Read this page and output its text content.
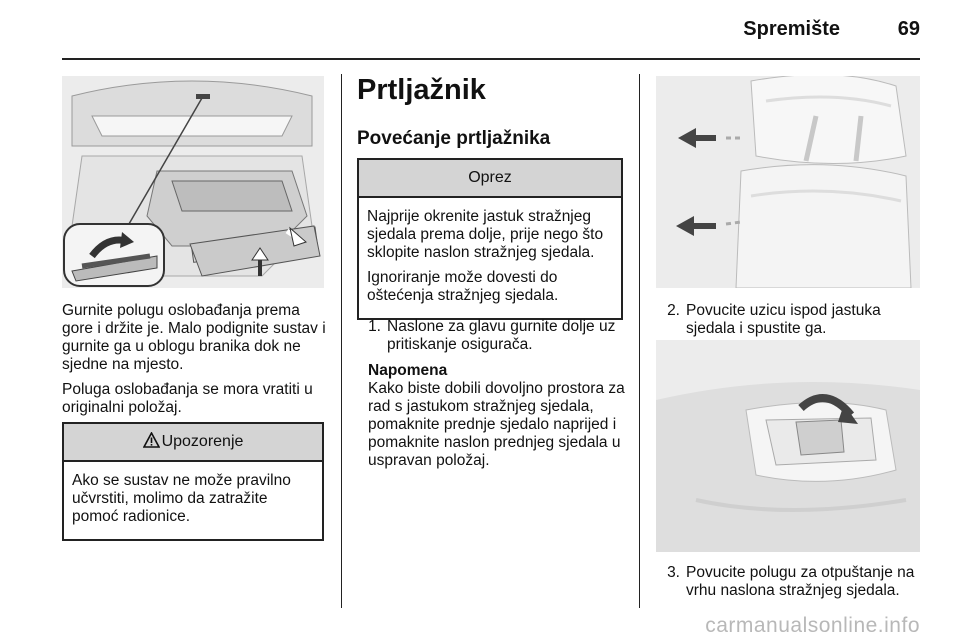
Spremište	69

Gurnite polugu oslobađanja prema gore i držite je. Malo podignite sustav i gurnite ga u oblogu branika dok ne sjedne na mjesto.

Poluga oslobađanja se mora vratiti u originalni položaj.

Upozorenje

Ako se sustav ne može pravilno učvrstiti, molimo da zatražite pomoć radionice.

Prtljažnik
Povećanje prtljažnika
Oprez

Najprije okrenite jastuk stražnjeg sjedala prema dolje, prije nego što sklopite naslon stražnjeg sjedala.

Ignoriranje može dovesti do oštećenja stražnjeg sjedala.

1. Naslone za glavu gurnite dolje uz pritiskanje osigurača.
Napomena
Kako biste dobili dovoljno prostora za rad s jastukom stražnjeg sjedala, pomaknite prednje sjedalo naprijed i pomaknite naslon prednjeg sjedala u uspravan položaj.
2. Povucite uzicu ispod jastuka sjedala i spustite ga.
3. Povucite polugu za otpuštanje na vrhu naslona stražnjeg sjedala.
carmanualsonline.info
